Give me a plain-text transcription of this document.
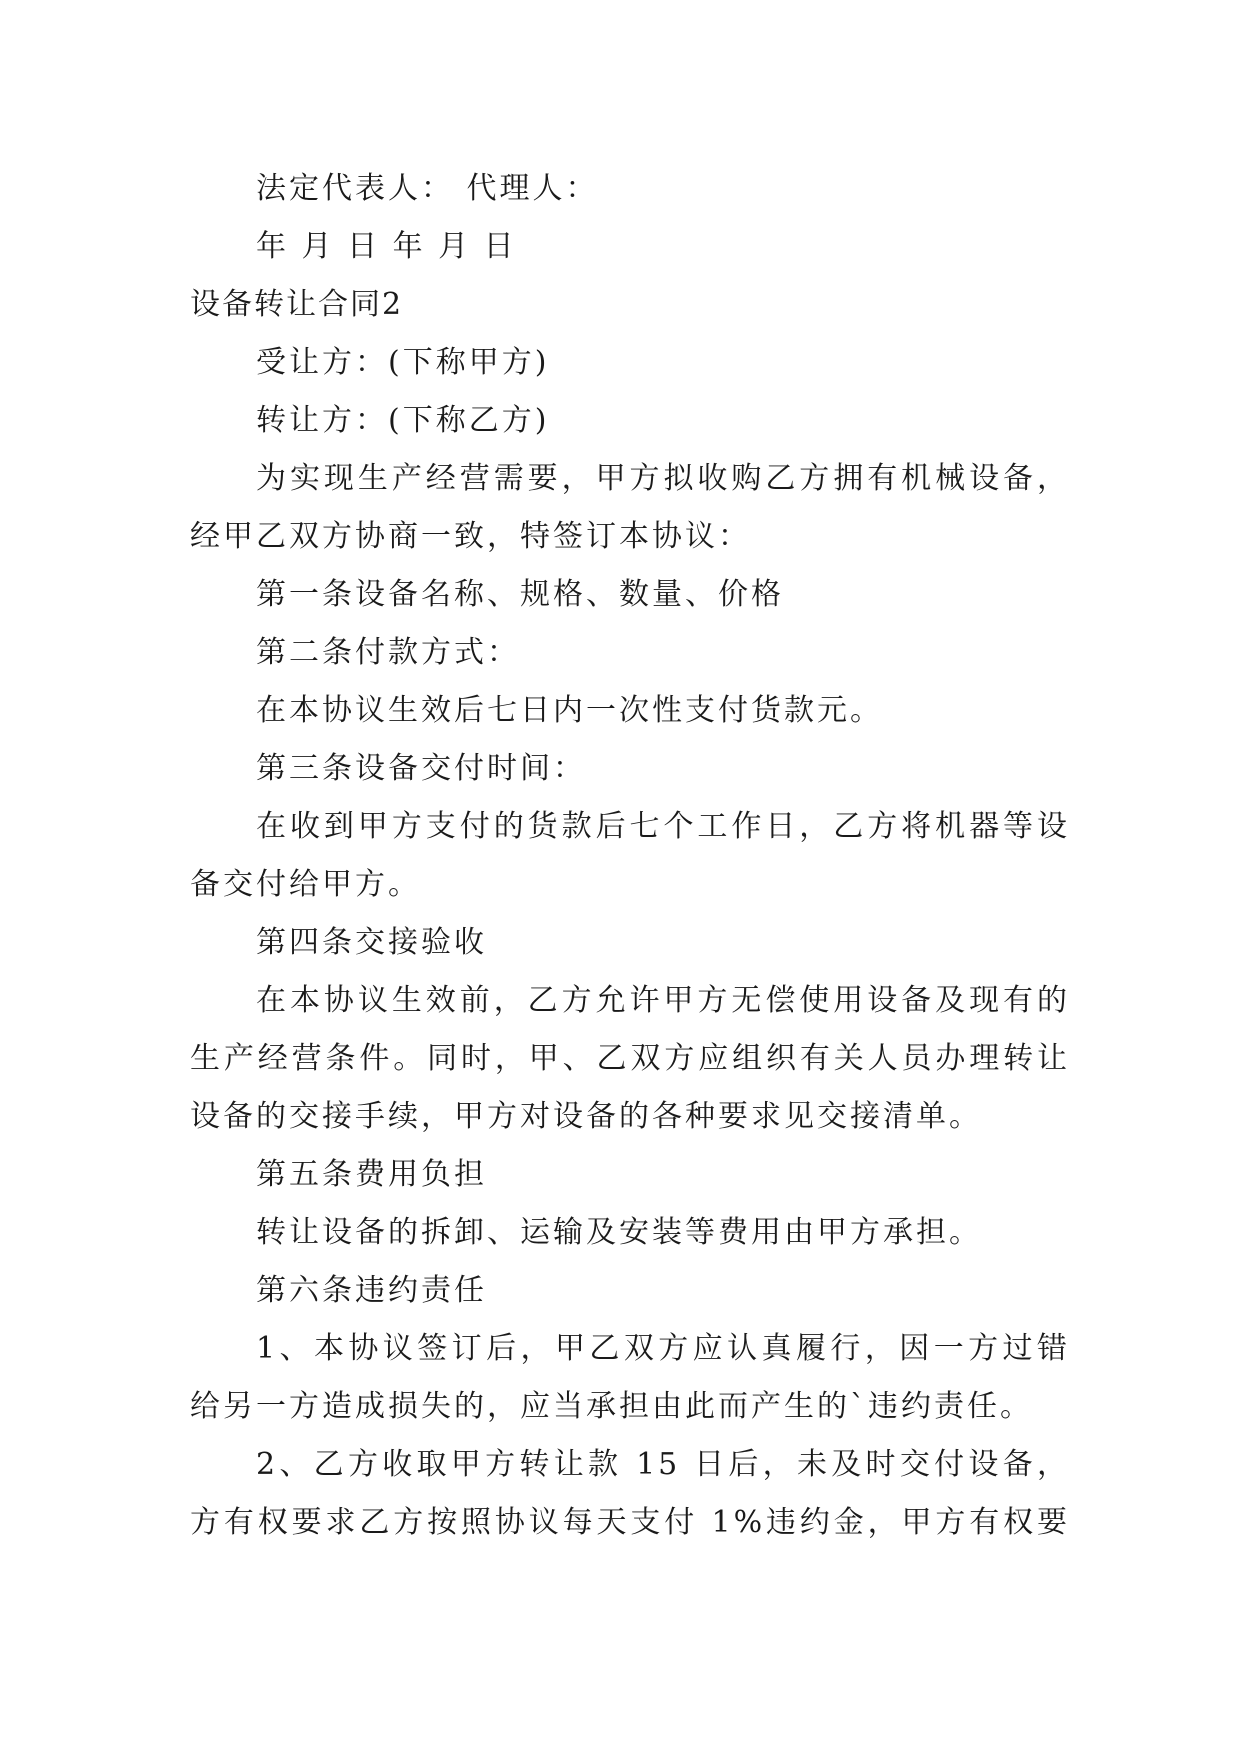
法定代表人： 代理人：
年 月 日 年 月 日
设备转让合同2
受让方：(下称甲方)
转让方：(下称乙方)
为实现生产经营需要，甲方拟收购乙方拥有机械设备，
经甲乙双方协商一致，特签订本协议：
第一条设备名称、规格、数量、价格
第二条付款方式：
在本协议生效后七日内一次性支付货款元。
第三条设备交付时间：
在收到甲方支付的货款后七个工作日，乙方将机器等设
备交付给甲方。
第四条交接验收
在本协议生效前，乙方允许甲方无偿使用设备及现有的
生产经营条件。同时，甲、乙双方应组织有关人员办理转让
设备的交接手续，甲方对设备的各种要求见交接清单。
第五条费用负担
转让设备的拆卸、运输及安装等费用由甲方承担。
第六条违约责任
1、本协议签订后，甲乙双方应认真履行，因一方过错
给另一方造成损失的，应当承担由此而产生的`违约责任。
2、乙方收取甲方转让款 15 日后，未及时交付设备，
方有权要求乙方按照协议每天支付 1%违约金，甲方有权要
